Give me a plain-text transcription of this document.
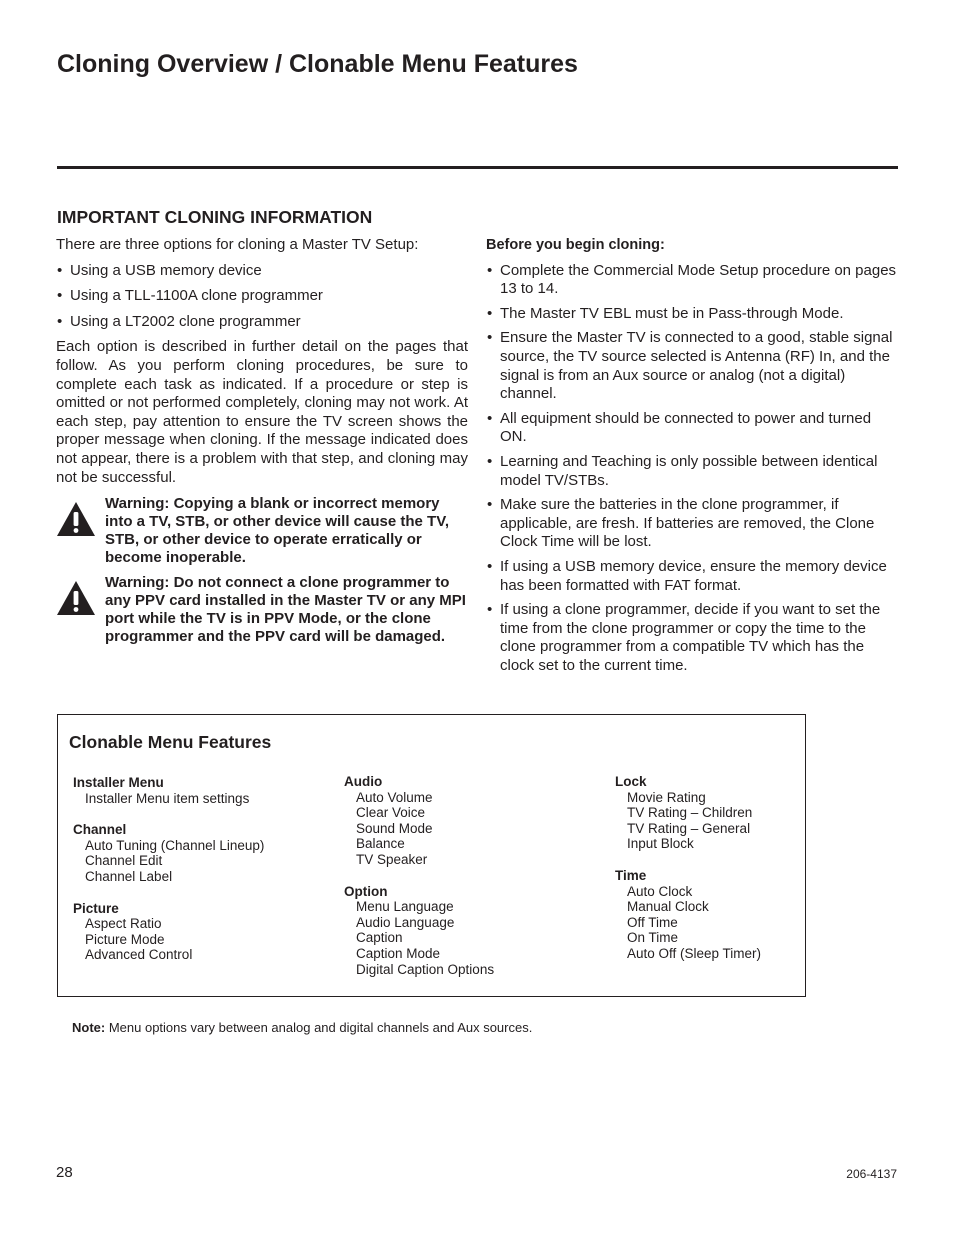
Cloning Overview / Clonable Menu Features
IMPORTANT CLONING INFORMATION

There are three options for cloning a Master TV Setup:

• Using a USB memory device
• Using a TLL-1100A clone programmer
• Using a LT2002 clone programmer

Each option is described in further detail on the pages that follow. As you perform cloning procedures, be sure to complete each task as indicated. If a procedure or step is omitted or not performed completely, cloning may not work. At each step, pay attention to ensure the TV screen shows the proper message when cloning. If the message indicated does not appear, there is a problem with that step, and cloning may not be successful.

Warning: Copying a blank or incorrect memory into a TV, STB, or other device will cause the TV, STB, or other device to operate erratically or become inoperable.
Warning: Do not connect a clone programmer to any PPV card installed in the Master TV or any MPI port while the TV is in PPV Mode, or the clone programmer and the PPV card will be damaged.
Before you begin cloning:
• Complete the Commercial Mode Setup procedure on pages 13 to 14.
• The Master TV EBL must be in Pass-through Mode.
• Ensure the Master TV is connected to a good, stable signal source, the TV source selected is Antenna (RF) In, and the signal is from an Aux source or analog (not a digital) channel.
• All equipment should be connected to power and turned ON.
• Learning and Teaching is only possible between identical model TV/STBs.
• Make sure the batteries in the clone programmer, if applicable, are fresh. If batteries are removed, the Clone Clock Time will be lost.
• If using a USB memory device, ensure the memory device has been formatted with FAT format.
• If using a clone programmer, decide if you want to set the time from the clone programmer or copy the time to the clone programmer from a compatible TV which has the clock set to the current time.
Clonable Menu Features
Installer Menu
Installer Menu item settings
Channel
Auto Tuning (Channel Lineup)
Channel Edit
Channel Label
Picture
Aspect Ratio
Picture Mode
Advanced Control
Audio
Auto Volume
Clear Voice
Sound Mode
Balance
TV Speaker
Option
Menu Language
Audio Language
Caption
Caption Mode
Digital Caption Options
Lock
Movie Rating
TV Rating – Children
TV Rating – General
Input Block
Time
Auto Clock
Manual Clock
Off Time
On Time
Auto Off (Sleep Timer)
Note: Menu options vary between analog and digital channels and Aux sources.
28	206-4137
